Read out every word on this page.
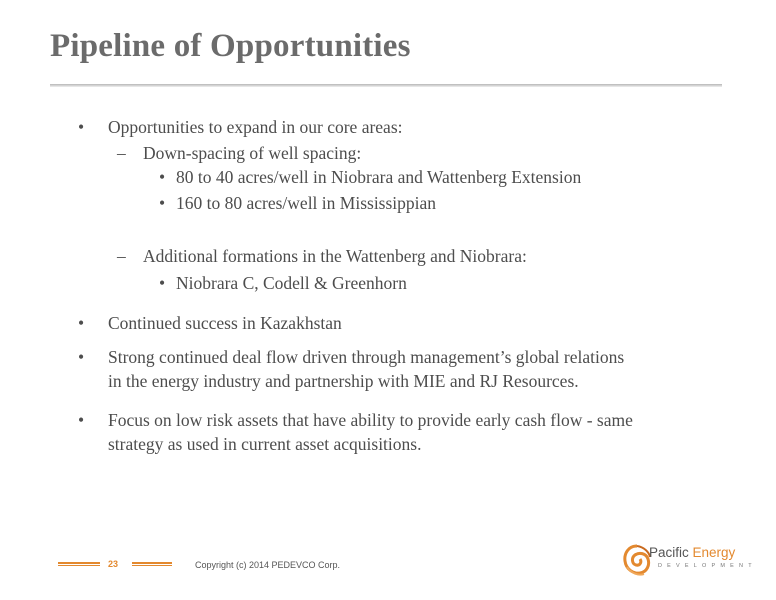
Pipeline of Opportunities
• Opportunities to expand in our core areas:
– Down-spacing of well spacing:
• 80 to 40 acres/well in Niobrara and Wattenberg Extension
• 160 to 80 acres/well in Mississippian
– Additional formations in the Wattenberg and Niobrara:
• Niobrara C, Codell & Greenhorn
• Continued success in Kazakhstan
• Strong continued deal flow driven through management’s global relations
in the energy industry and partnership with MIE and RJ Resources.
• Focus on low risk assets that have ability to provide early cash flow - same
strategy as used in current asset acquisitions.
23	Copyright (c) 2014 PEDEVCO Corp.
Pacific Energy
DEVELOPMENT
